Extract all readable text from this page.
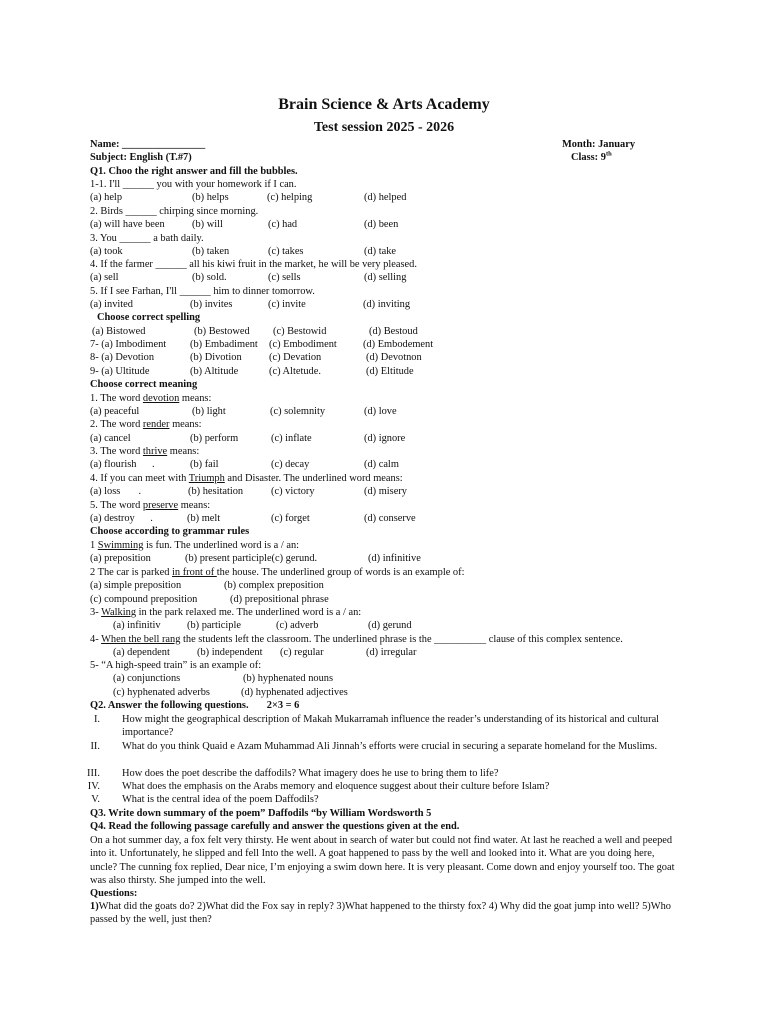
Brain Science & Arts Academy
Test session 2025 - 2026
Name: ________________	Month: January
Subject: English (T.#7)	Class: 9th
Q1. Choo the right answer and fill the bubbles.
1-1. I'll ______ you with your homework if I can.
(a) help	(b) helps	(c) helping	(d) helped
2. Birds ______ chirping since morning.
(a) will have been	(b) will	(c) had	(d) been
3. You ______ a bath daily.
(a) took	(b) taken	(c) takes	(d) take
4. If the farmer ______ all his kiwi fruit in the market, he will be very pleased.
(a) sell	(b) sold.	(c) sells	(d) selling
5. If I see Farhan, I'll ______ him to dinner tomorrow.
(a) invited	(b) invites	(c) invite	(d) inviting
Choose correct spelling
(a) Bistowed	(b) Bestowed (c) Bestowid	(d) Bestoud
7- (a) Imbodiment (b) Embadiment (c) Embodiment	(d) Embodement
8- (a) Devotion	(b) Divotion	(c) Devation	(d) Devotnon
9- (a) Ultitude	(b) Altitude	(c) Altetude.	(d) Eltitude
Choose correct meaning
1. The word devotion means:
(a) peaceful	(b) light	(c) solemnity	(d) love
2. The word render means:
(a) cancel	(b) perform	(c) inflate	(d) ignore
3. The word thrive means:
(a) flourish      .	(b) fail	(c) decay	(d) calm
4. If you can meet with Triumph and Disaster. The underlined word means:
(a) loss       .	(b) hesitation	(c) victory	(d) misery
5. The word preserve means:
(a) destroy      .	(b) melt	(c) forget	(d) conserve
Choose according to grammar rules
1 Swimming is fun. The underlined word is a / an:
(a) preposition	(b) present participle(c) gerund.	(d) infinitive
2 The car is parked in front of the house. The underlined group of words is an example of:
(a) simple preposition	(b) complex preposition
(c) compound preposition	(d) prepositional phrase
3- Walking in the park relaxed me. The underlined word is a / an:
(a) infinitiv	(b) participle	(c) adverb	(d) gerund
4- When the bell rang the students left the classroom. The underlined phrase is the __________ clause of this complex sentence.
(a) dependent	(b) independent (c) regular	(d) irregular
5- “A high-speed train” is an example of:
(a) conjunctions	(b) hyphenated nouns
(c) hyphenated adverbs	(d) hyphenated adjectives
Q2. Answer the following questions.       2×3 = 6
I. How might the geographical description of Makah Mukarramah influence the reader’s understanding of its historical and cultural importance?
II. What do you think Quaid e Azam Muhammad Ali Jinnah’s efforts were crucial in securing a separate homeland for the Muslims.
III. How does the poet describe the daffodils? What imagery does he use to bring them to life?
IV. What does the emphasis on the Arabs memory and eloquence suggest about their culture before Islam?
V. What is the central idea of the poem Daffodils?
Q3. Write down summary of the poem” Daffodils “by William Wordsworth 5
Q4. Read the following passage carefully and answer the questions given at the end.
On a hot summer day, a fox felt very thirsty. He went about in search of water but could not find water. At last he reached a well and peeped into it. Unfortunately, he slipped and fell Into the well. A goat happened to pass by the well and looked into it. What are you doing here, uncle? The cunning fox replied, Dear nice, I’m enjoying a swim down here. It is very pleasant. Come down and enjoy yourself too. The goat was also thirsty. She jumped into the well.
Questions:
1)What did the goats do? 2)What did the Fox say in reply? 3)What happened to the thirsty fox? 4) Why did the goat jump into well? 5)Who passed by the well, just then?
